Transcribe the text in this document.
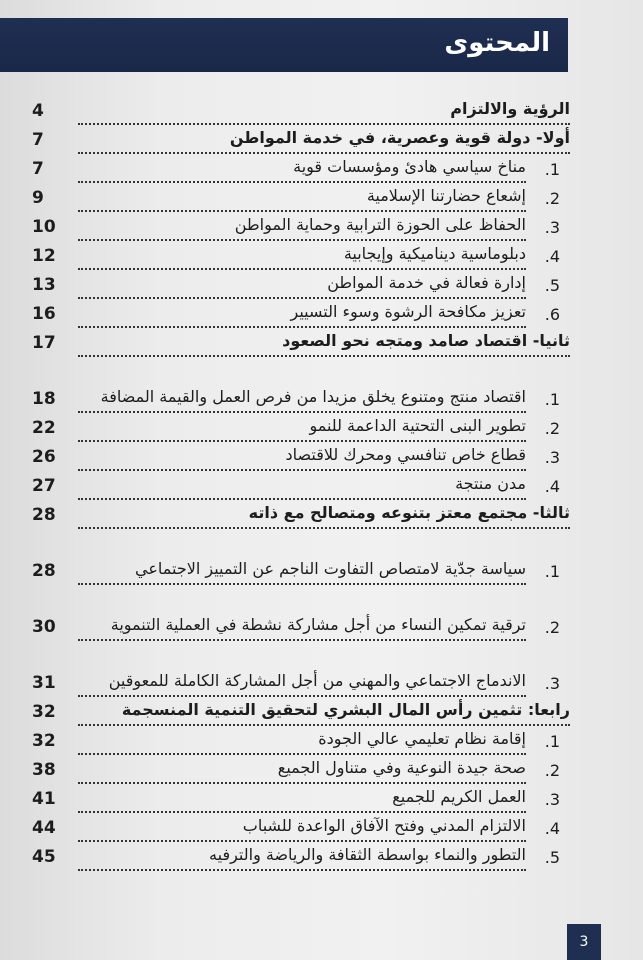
المحتوى
الرؤية والالتزام
4
أولا- دولة قوية وعصرية، في خدمة المواطن
7
1.
مناخ سياسي هادئ ومؤسسات قوية
7
2.
إشعاع حضارتنا الإسلامية
9
3.
الحفاظ على الحوزة الترابية وحماية المواطن
10
4.
دبلوماسية ديناميكية وإيجابية
12
5.
إدارة فعالة في خدمة المواطن
13
6.
تعزيز مكافحة الرشوة وسوء التسيير
16
ثانيا- اقتصاد صامد ومتجه نحو الصعود
17
1.
اقتصاد منتج ومتنوع يخلق مزيدا من فرص العمل والقيمة المضافة
18
2.
تطوير البنى التحتية الداعمة للنمو
22
3.
قطاع خاص تنافسي ومحرك للاقتصاد
26
4.
مدن منتجة
27
ثالثا- مجتمع معتز بتنوعه ومتصالح مع ذاته
28
1.
سياسة جدّية لامتصاص التفاوت الناجم عن التمييز الاجتماعي
28
2.
ترقية تمكين النساء من أجل مشاركة نشطة في العملية التنموية
30
3.
الاندماج الاجتماعي والمهني من أجل المشاركة الكاملة للمعوقين
31
رابعا: تثمين رأس المال البشري لتحقيق التنمية المنسجمة
32
1.
إقامة نظام تعليمي عالي الجودة
32
2.
صحة جيدة النوعية وفي متناول الجميع
38
3.
العمل الكريم للجميع
41
4.
الالتزام المدني وفتح الآفاق الواعدة للشباب
44
5.
التطور والنماء بواسطة الثقافة والرياضة والترفيه
45
3
